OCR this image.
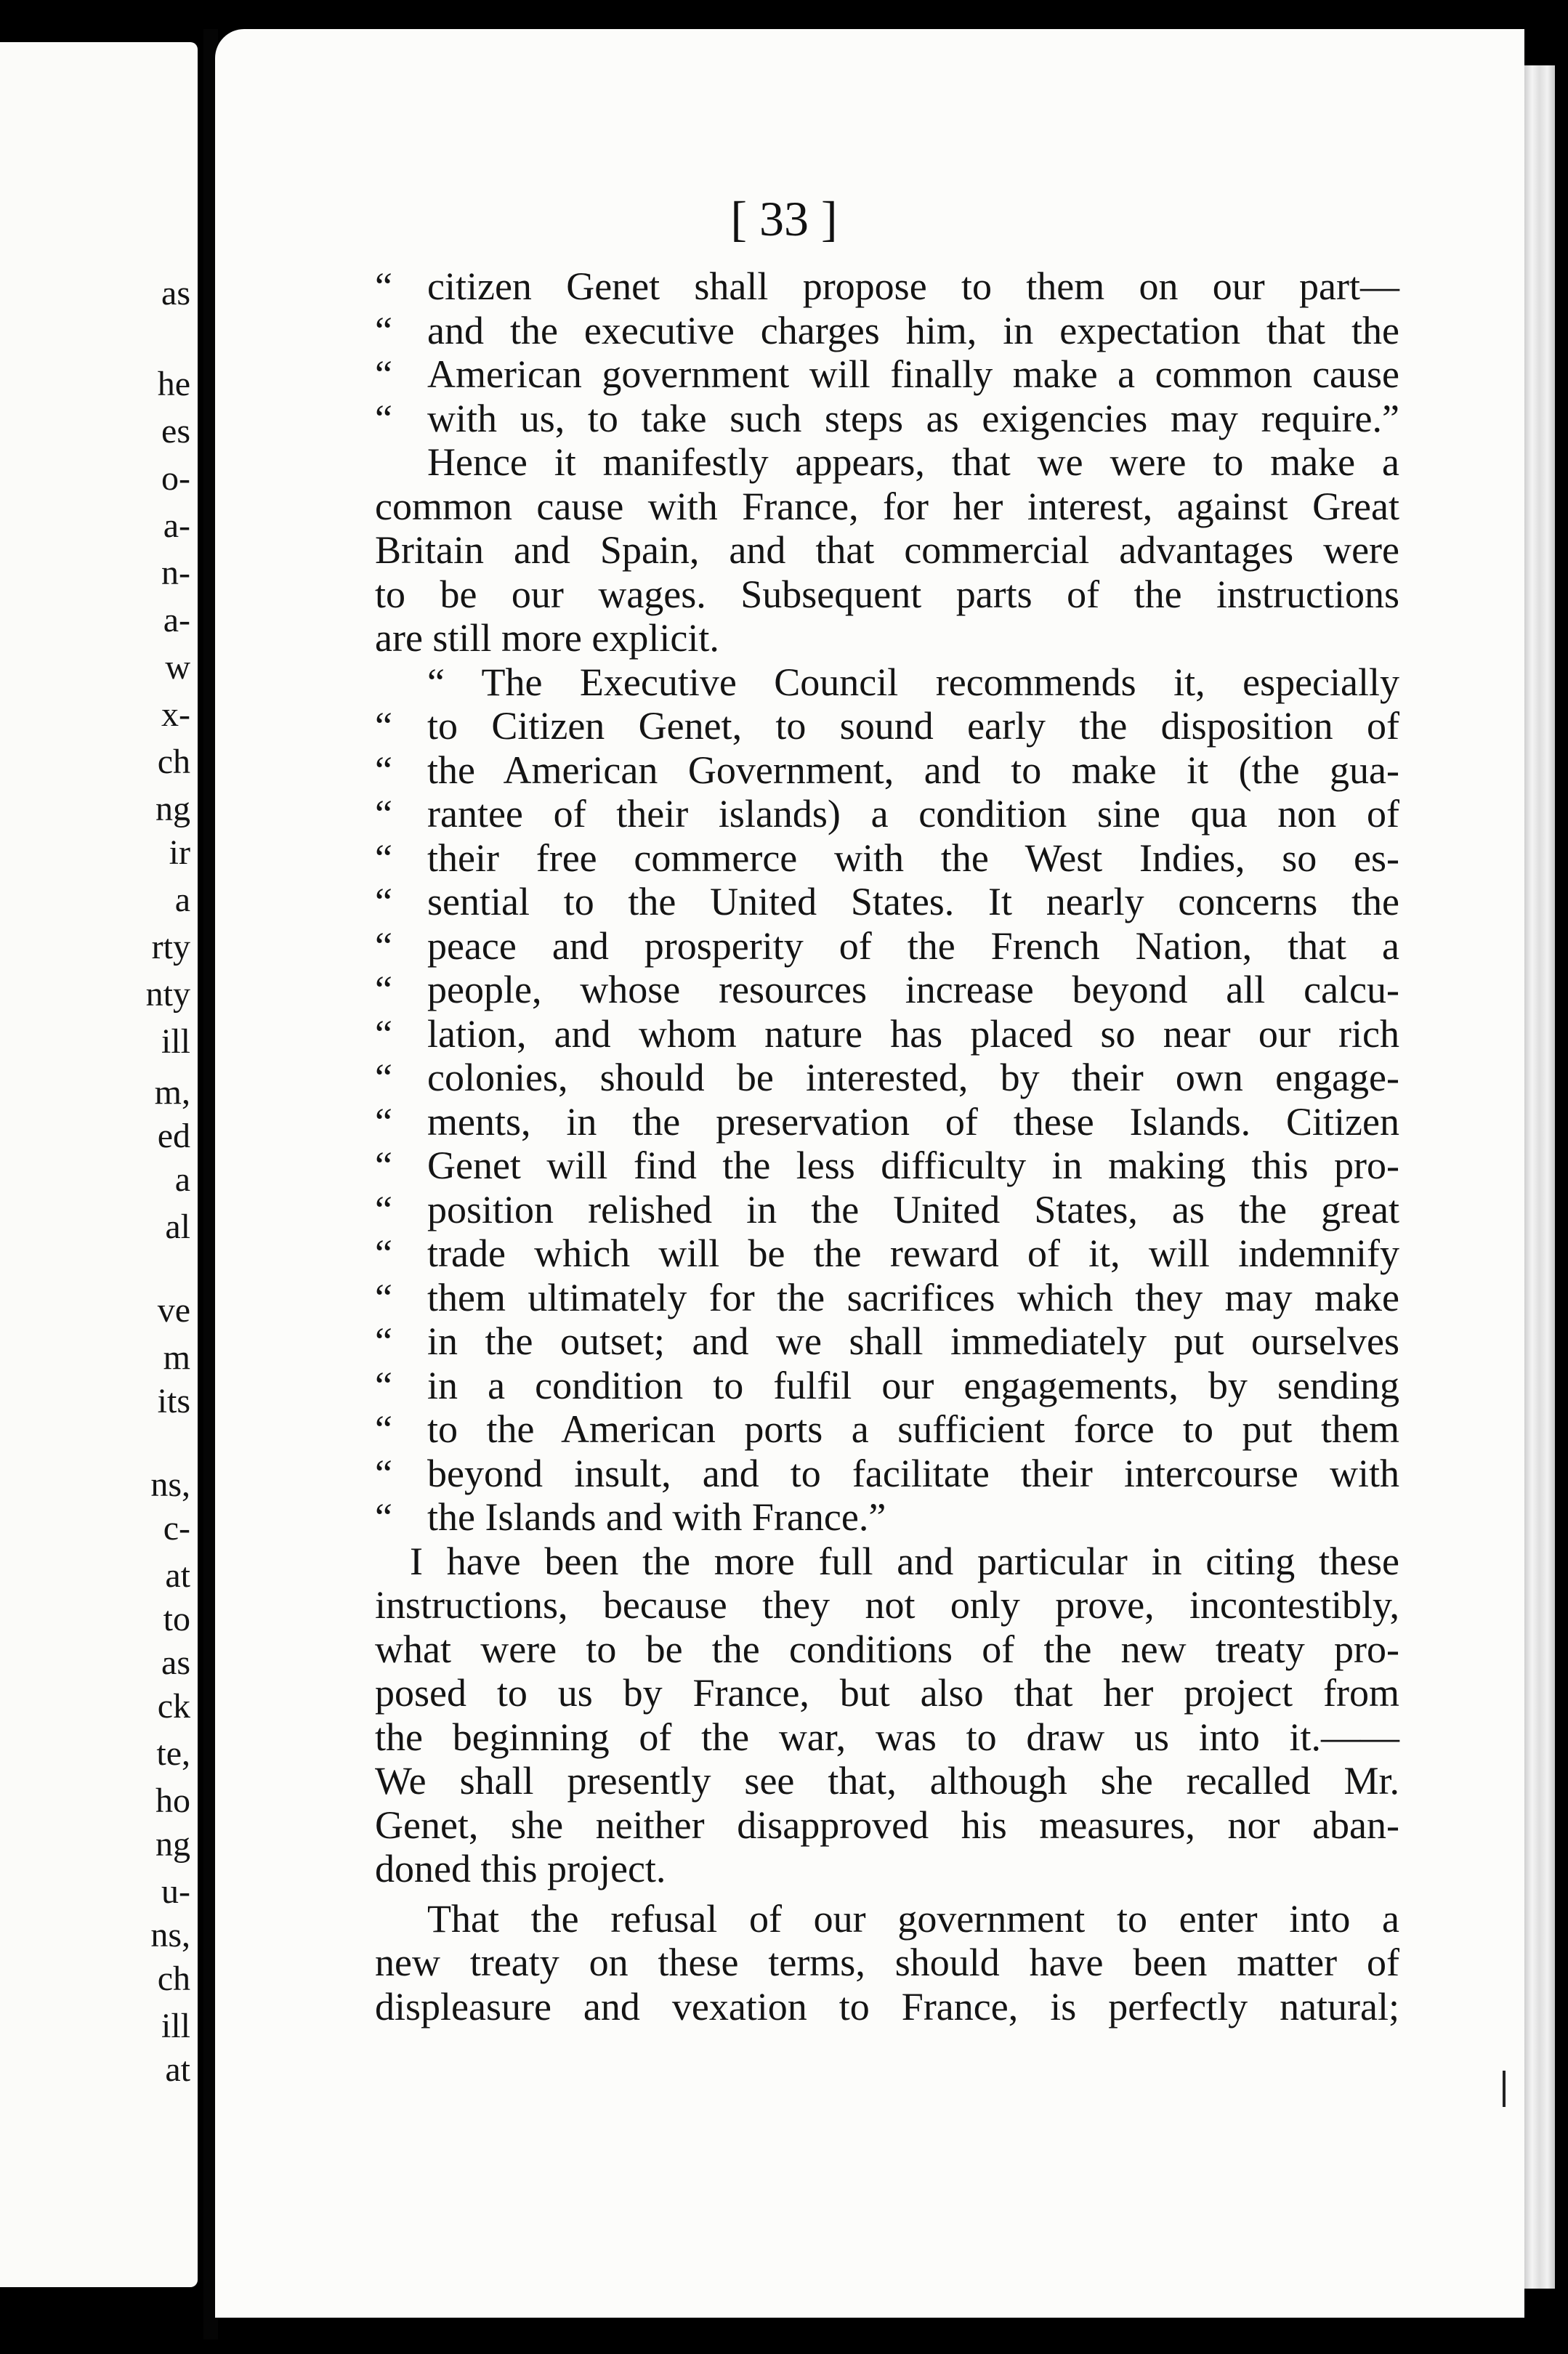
as
he
es
o-
a-
n-
a-
w
x-
ch
ng
ir
a
rty
nty
ill
m,
ed
a
al
ve
m
its
ns,
c-
at
to
as
ck
te,
ho
ng
u-
ns,
ch
ill
at
[ 33 ]
“ citizen Genet shall propose to them on our part—
“ and the executive charges him, in expectation that the
“ American government will finally make a common cause
“ with us, to take such steps as exigencies may require.”
Hence it manifestly appears, that we were to make a
common cause with France, for her interest, against Great
Britain and Spain, and that commercial advantages were
to be our wages. Subsequent parts of the instructions
are still more explicit.
“ The Executive Council recommends it, especially
“ to Citizen Genet, to sound early the disposition of
“ the American Government, and to make it (the gua-
“ rantee of their islands) a condition sine qua non of
“ their free commerce with the West Indies, so es-
“ sential to the United States. It nearly concerns the
“ peace and prosperity of the French Nation, that a
“ people, whose resources increase beyond all calcu-
“ lation, and whom nature has placed so near our rich
“ colonies, should be interested, by their own engage-
“ ments, in the preservation of these Islands. Citizen
“ Genet will find the less difficulty in making this pro-
“ position relished in the United States, as the great
“ trade which will be the reward of it, will indemnify
“ them ultimately for the sacrifices which they may make
“ in the outset; and we shall immediately put ourselves
“ in a condition to fulfil our engagements, by sending
“ to the American ports a sufficient force to put them
“ beyond insult, and to facilitate their intercourse with
“ the Islands and with France.”
I have been the more full and particular in citing these
instructions, because they not only prove, incontestibly,
what were to be the conditions of the new treaty pro-
posed to us by France, but also that her project from
the beginning of the war, was to draw us into it.——
We shall presently see that, although she recalled Mr.
Genet, she neither disapproved his measures, nor aban-
doned this project.
That the refusal of our government to enter into a
new treaty on these terms, should have been matter of
displeasure and vexation to France, is perfectly natural;
